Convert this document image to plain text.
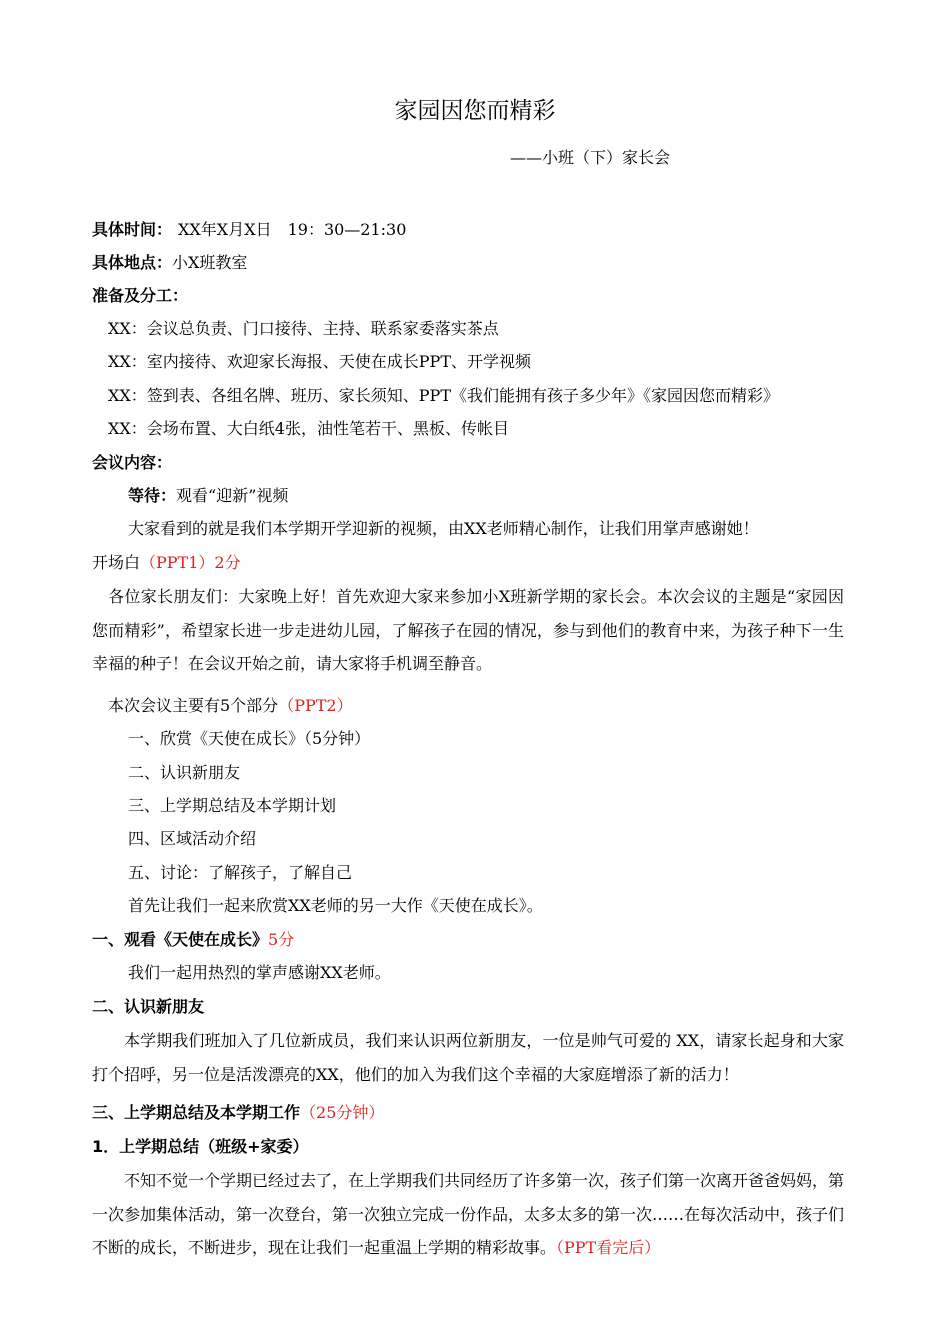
家园因您而精彩
——小班（下）家长会
具体时间： XX年X月X日　19：30—21:30
具体地点：小X班教室
准备及分工：
XX：会议总负责、门口接待、主持、联系家委落实茶点
XX：室内接待、欢迎家长海报、天使在成长PPT、开学视频
XX：签到表、各组名牌、班历、家长须知、PPT《我们能拥有孩子多少年》《家园因您而精彩》
XX：会场布置、大白纸4张，油性笔若干、黑板、传帐目
会议内容：
等待：观看“迎新”视频
大家看到的就是我们本学期开学迎新的视频，由XX老师精心制作，让我们用掌声感谢她！
开场白（PPT1）2分
　各位家长朋友们：大家晚上好！首先欢迎大家来参加小X班新学期的家长会。本次会议的主题是“家园因您而精彩”，希望家长进一步走进幼儿园，了解孩子在园的情况，参与到他们的教育中来，为孩子种下一生幸福的种子！在会议开始之前，请大家将手机调至静音。
本次会议主要有5个部分（PPT2）
一、欣赏《天使在成长》（5分钟）
二、认识新朋友
三、上学期总结及本学期计划
四、区域活动介绍
五、讨论：了解孩子，了解自己
首先让我们一起来欣赏XX老师的另一大作《天使在成长》。
一、观看《天使在成长》5分
我们一起用热烈的掌声感谢XX老师。
二、认识新朋友
本学期我们班加入了几位新成员，我们来认识两位新朋友，一位是帅气可爱的 XX，请家长起身和大家打个招呼，另一位是活泼漂亮的XX，他们的加入为我们这个幸福的大家庭增添了新的活力！
三、上学期总结及本学期工作（25分钟）
1．上学期总结（班级+家委）
不知不觉一个学期已经过去了，在上学期我们共同经历了许多第一次，孩子们第一次离开爸爸妈妈，第一次参加集体活动，第一次登台，第一次独立完成一份作品，太多太多的第一次……在每次活动中，孩子们不断的成长，不断进步，现在让我们一起重温上学期的精彩故事。（PPT看完后）
